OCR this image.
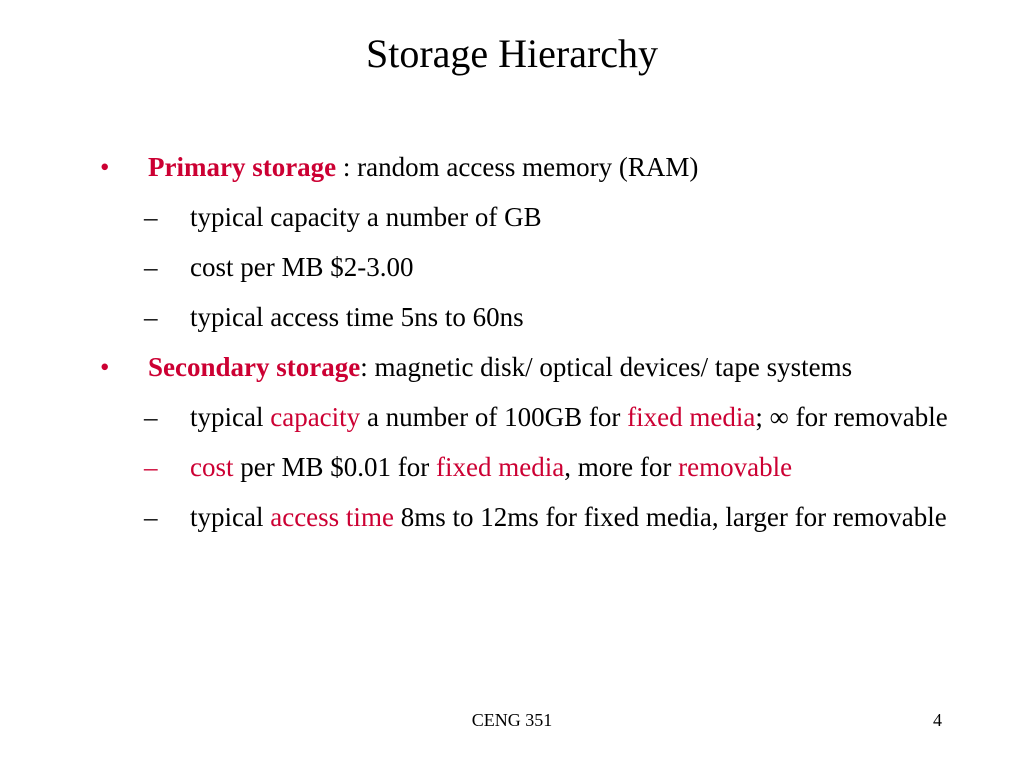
Storage Hierarchy
•	Primary storage : random access memory (RAM)
–	typical capacity a number of GB
–	cost per MB $2-3.00
–	typical access time 5ns to 60ns
•	Secondary storage: magnetic disk/ optical devices/ tape systems
–	typical capacity a number of 100GB for fixed media; ∞ for removable
–	cost per MB $0.01 for fixed media, more for removable
–	typical access time 8ms to 12ms for fixed media, larger for removable
CENG 351	4
